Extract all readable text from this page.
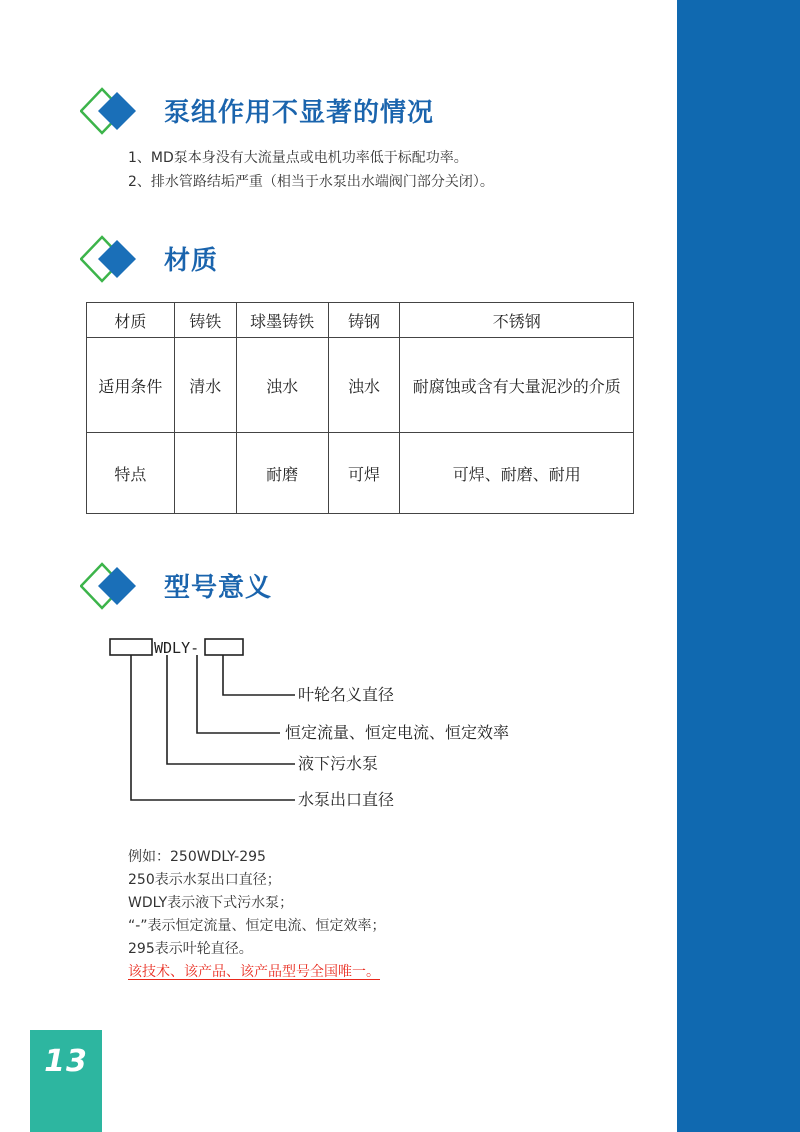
泵组作用不显著的情况
1、MD泵本身没有大流量点或电机功率低于标配功率。
2、排水管路结垢严重（相当于水泵出水端阀门部分关闭）。
材质
材质	铸铁	球墨铸铁	铸钢	不锈钢
适用条件	清水	浊水	浊水	耐腐蚀或含有大量泥沙的介质
特点		耐磨	可焊	可焊、耐磨、耐用
型号意义
WDLY-
叶轮名义直径
恒定流量、恒定电流、恒定效率
液下污水泵
水泵出口直径
例如：250WDLY-295
250表示水泵出口直径；
WDLY表示液下式污水泵；
“-”表示恒定流量、恒定电流、恒定效率；
295表示叶轮直径。
该技术、该产品、该产品型号全国唯一。
13
